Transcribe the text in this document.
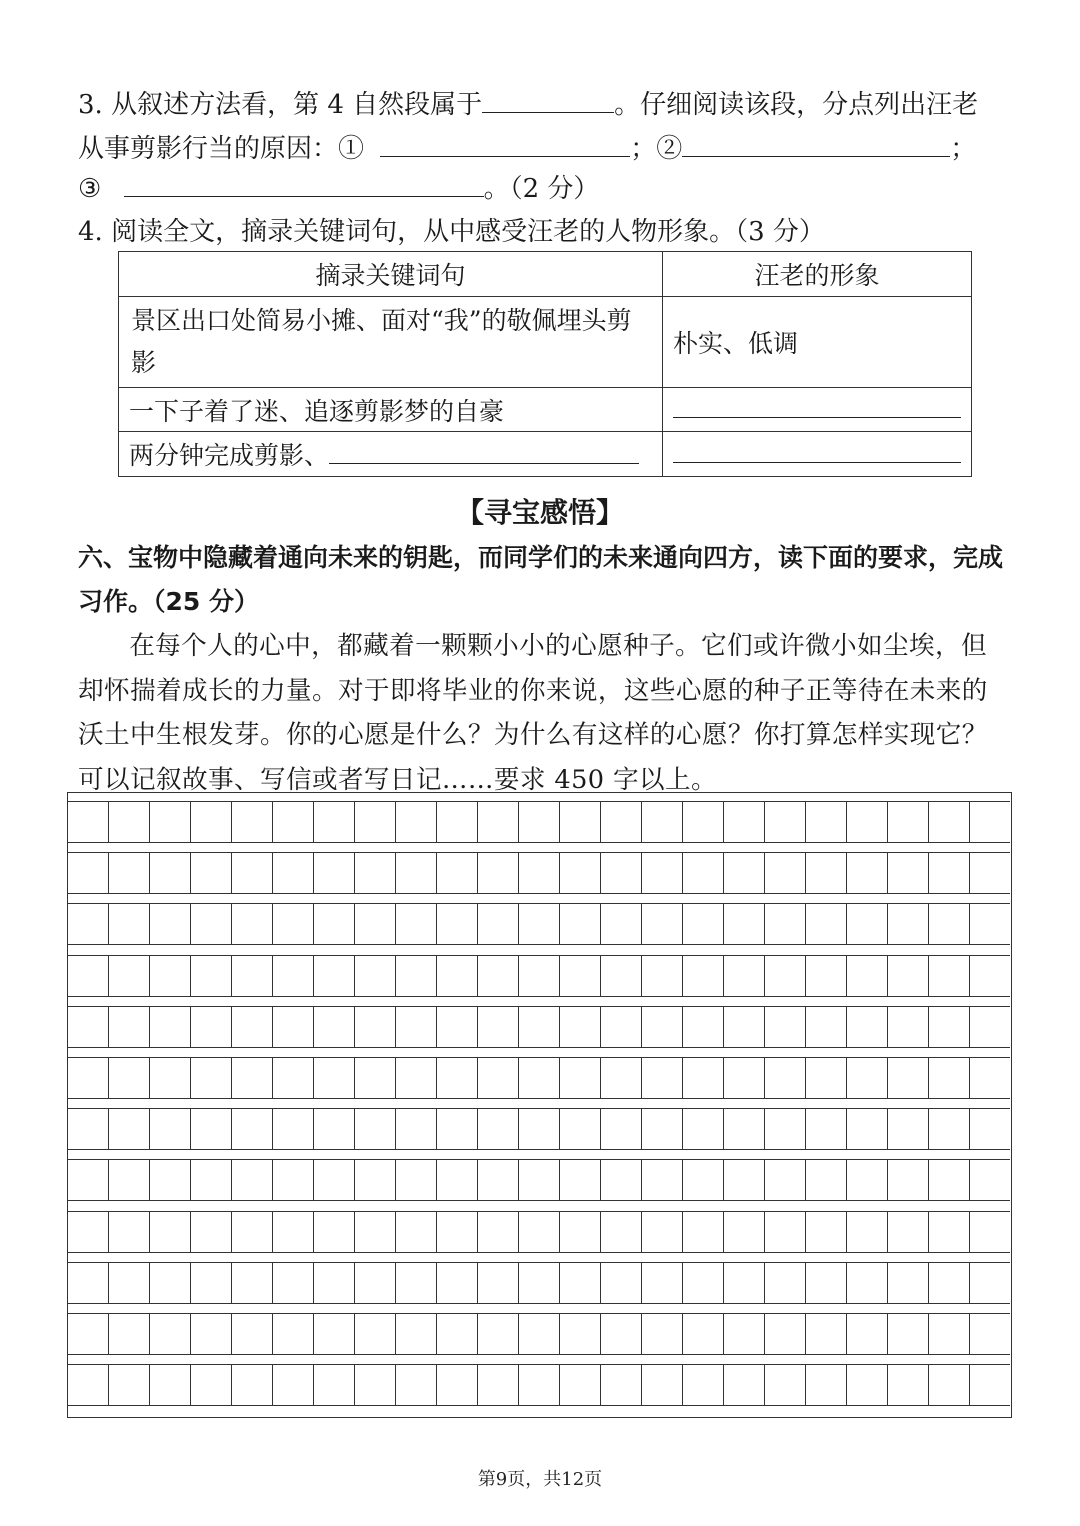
3. 从叙述方法看，第 4 自然段属于	。仔细阅读该段，分点列出汪老
从事剪影行当的原因：①	；②	；
③	。（2 分）
4. 阅读全文，摘录关键词句，从中感受汪老的人物形象。（3 分）
摘录关键词句	汪老的形象
景区出口处简易小摊、面对“我”的敬佩埋头剪影	朴实、低调
一下子着了迷、追逐剪影梦的自豪	
两分钟完成剪影、	
【寻宝感悟】
六、宝物中隐藏着通向未来的钥匙，而同学们的未来通向四方，读下面的要求，完成习作。（25 分）

在每个人的心中，都藏着一颗颗小小的心愿种子。它们或许微小如尘埃，但却怀揣着成长的力量。对于即将毕业的你来说，这些心愿的种子正等待在未来的沃土中生根发芽。你的心愿是什么？为什么有这样的心愿？你打算怎样实现它？可以记叙故事、写信或者写日记……要求 450 字以上。

第9页，共12页
